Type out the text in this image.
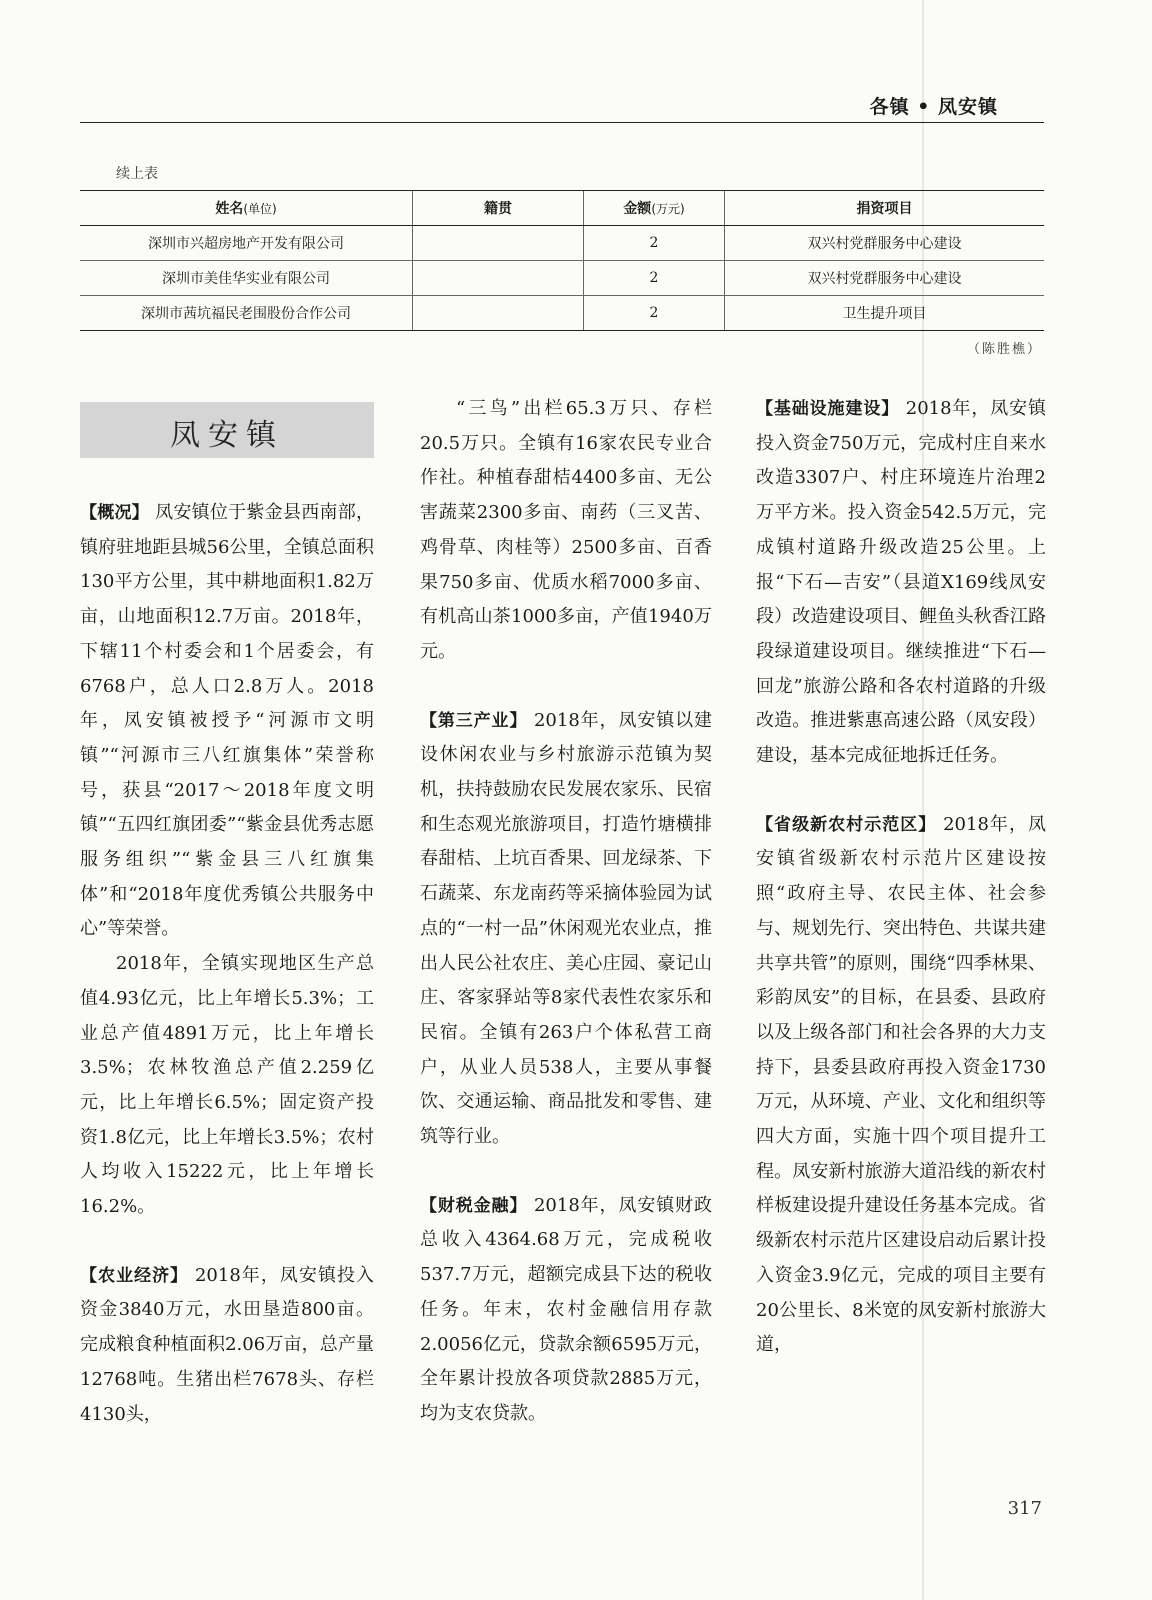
各镇 • 凤安镇
续上表
姓名(单位)	籍贯	金额(万元)	捐资项目
深圳市兴超房地产开发有限公司		2	双兴村党群服务中心建设
深圳市美佳华实业有限公司		2	双兴村党群服务中心建设
深圳市茜坑福民老围股份合作公司		2	卫生提升项目
（陈胜樵）
凤安镇

【概况】 凤安镇位于紫金县西南部，镇府驻地距县城56公里，全镇总面积130平方公里，其中耕地面积1.82万亩，山地面积12.7万亩。2018年，下辖11个村委会和1个居委会，有6768户，总人口2.8万人。2018年，凤安镇被授予“河源市文明镇”“河源市三八红旗集体”荣誉称号，获县“2017～2018年度文明镇”“五四红旗团委”“紫金县优秀志愿服务组织”“紫金县三八红旗集体”和“2018年度优秀镇公共服务中心”等荣誉。

2018年，全镇实现地区生产总值4.93亿元，比上年增长5.3%；工业总产值4891万元，比上年增长3.5%；农林牧渔总产值2.259亿元，比上年增长6.5%；固定资产投资1.8亿元，比上年增长3.5%；农村人均收入15222元，比上年增长16.2%。

【农业经济】 2018年，凤安镇投入资金3840万元，水田垦造800亩。完成粮食种植面积2.06万亩，总产量12768吨。生猪出栏7678头、存栏4130头，

“三鸟”出栏65.3万只、存栏20.5万只。全镇有16家农民专业合作社。种植春甜桔4400多亩、无公害蔬菜2300多亩、南药（三叉苦、鸡骨草、肉桂等）2500多亩、百香果750多亩、优质水稻7000多亩、有机高山茶1000多亩，产值1940万元。

【第三产业】 2018年，凤安镇以建设休闲农业与乡村旅游示范镇为契机，扶持鼓励农民发展农家乐、民宿和生态观光旅游项目，打造竹塘横排春甜桔、上坑百香果、回龙绿茶、下石蔬菜、东龙南药等采摘体验园为试点的“一村一品”休闲观光农业点，推出人民公社农庄、美心庄园、豪记山庄、客家驿站等8家代表性农家乐和民宿。全镇有263户个体私营工商户，从业人员538人，主要从事餐饮、交通运输、商品批发和零售、建筑等行业。

【财税金融】 2018年，凤安镇财政总收入4364.68万元，完成税收537.7万元，超额完成县下达的税收任务。年末，农村金融信用存款2.0056亿元，贷款余额6595万元，全年累计投放各项贷款2885万元，均为支农贷款。

【基础设施建设】 2018年，凤安镇投入资金750万元，完成村庄自来水改造3307户、村庄环境连片治理2万平方米。投入资金542.5万元，完成镇村道路升级改造25公里。上报“下石—吉安”（县道X169线凤安段）改造建设项目、鲤鱼头秋香江路段绿道建设项目。继续推进“下石—回龙”旅游公路和各农村道路的升级改造。推进紫惠高速公路（凤安段）建设，基本完成征地拆迁任务。

【省级新农村示范区】 2018年，凤安镇省级新农村示范片区建设按照“政府主导、农民主体、社会参与、规划先行、突出特色、共谋共建共享共管”的原则，围绕“四季林果、彩韵凤安”的目标，在县委、县政府以及上级各部门和社会各界的大力支持下，县委县政府再投入资金1730万元，从环境、产业、文化和组织等四大方面，实施十四个项目提升工程。凤安新村旅游大道沿线的新农村样板建设提升建设任务基本完成。省级新农村示范片区建设启动后累计投入资金3.9亿元，完成的项目主要有20公里长、8米宽的凤安新村旅游大道，

317
